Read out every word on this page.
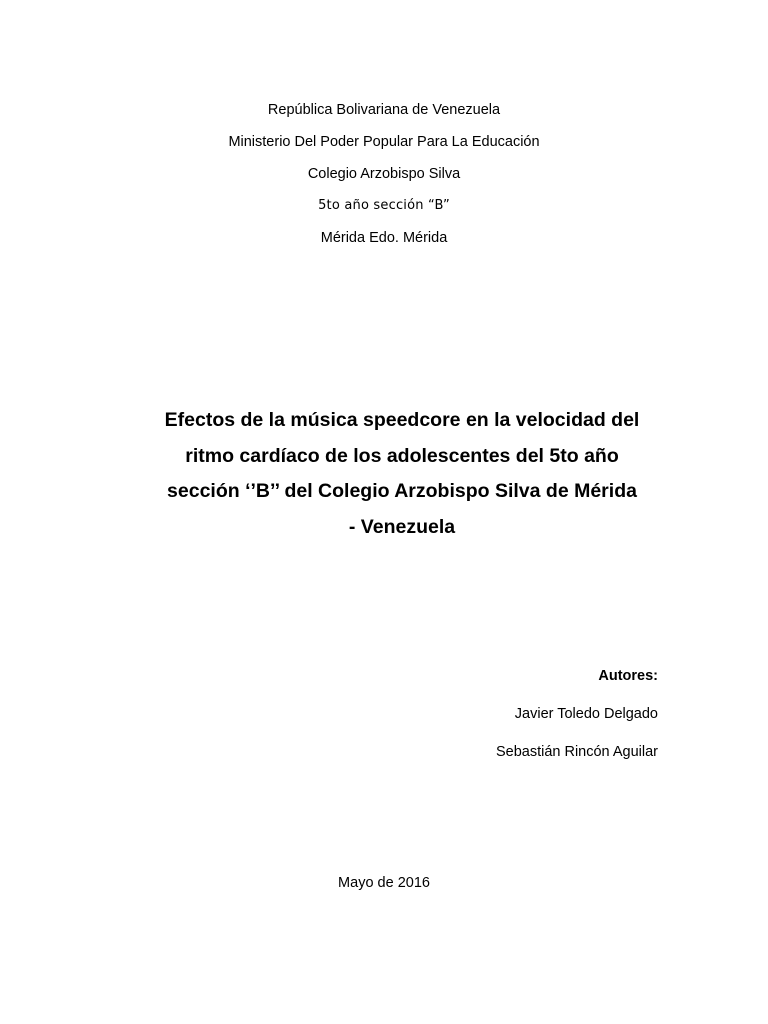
República Bolivariana de Venezuela
Ministerio Del Poder Popular Para La Educación
Colegio Arzobispo Silva
5to año sección “B”
Mérida Edo. Mérida
Efectos de la música speedcore en la velocidad del
ritmo cardíaco de los adolescentes del 5to año
sección ‘’B’’ del Colegio Arzobispo Silva de Mérida
- Venezuela
Autores:
Javier Toledo Delgado
Sebastián Rincón Aguilar
Mayo de 2016
